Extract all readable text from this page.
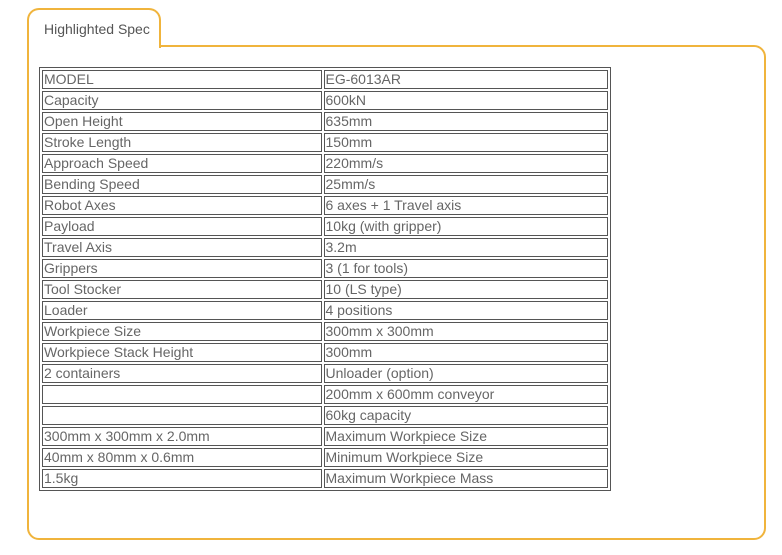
Highlighted Spec
MODEL	EG-6013AR
Capacity	600kN
Open Height	635mm
Stroke Length	150mm
Approach Speed	220mm/s
Bending Speed	25mm/s
Robot Axes	6 axes + 1 Travel axis
Payload	10kg (with gripper)
Travel Axis	3.2m
Grippers	3 (1 for tools)
Tool Stocker	10 (LS type)
Loader	4 positions
Workpiece Size	300mm x 300mm
Workpiece Stack Height	300mm
2 containers	Unloader (option)
	200mm x 600mm conveyor
	60kg capacity
300mm x 300mm x 2.0mm	Maximum Workpiece Size
40mm x 80mm x 0.6mm	Minimum Workpiece Size
1.5kg	Maximum Workpiece Mass
